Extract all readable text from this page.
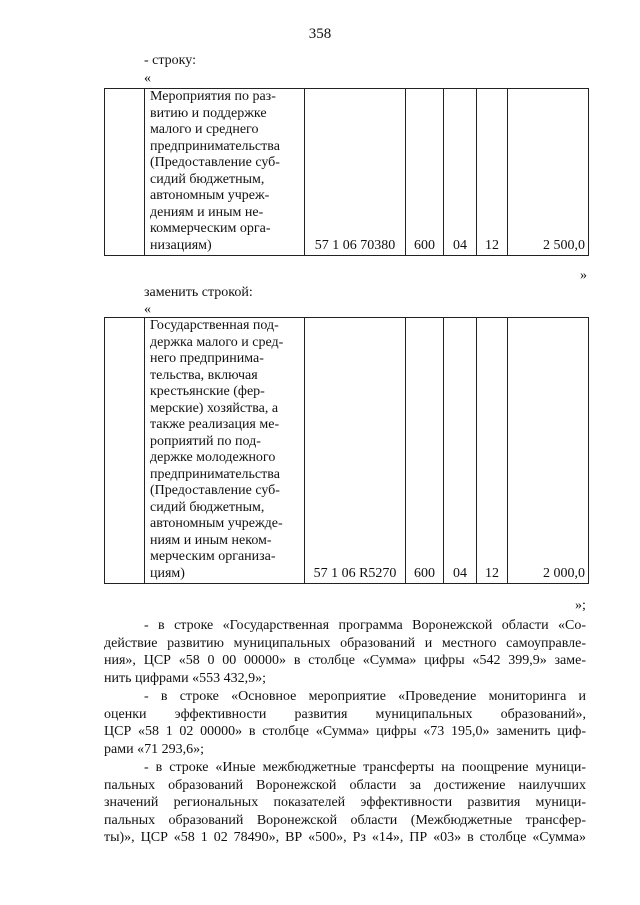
358
- строку:
«

Мероприятия по раз-
витию и поддержке
малого и среднего
предпринимательства
(Предоставление суб-
сидий бюджетным,
автономным учреж-
дениям и иным не-
коммерческим орга-
низациям)	57 1 06 70380	600	04	12	2 500,0
»
заменить строкой:
«

Государственная под-
держка малого и сред-
него предпринима-
тельства, включая
крестьянские (фер-
мерские) хозяйства, а
также реализация ме-
роприятий по под-
держке молодежного
предпринимательства
(Предоставление суб-
сидий бюджетным,
автономным учрежде-
ниям и иным неком-
мерческим организа-
циям)	57 1 06 R5270	600	04	12	2 000,0
»;
- в строке «Государственная программа Воронежской области «Со-
действие развитию муниципальных образований и местного самоуправле-
ния», ЦСР «58 0 00 00000» в столбце «Сумма» цифры «542 399,9» заме-
нить цифрами «553 432,9»;
- в строке «Основное мероприятие «Проведение мониторинга и
оценки эффективности развития муниципальных образований»,
ЦСР «58 1 02 00000» в столбце «Сумма» цифры «73 195,0» заменить циф-
рами «71 293,6»;
- в строке «Иные межбюджетные трансферты на поощрение муници-
пальных образований Воронежской области за достижение наилучших
значений региональных показателей эффективности развития муници-
пальных образований Воронежской области (Межбюджетные трансфер-
ты)», ЦСР «58 1 02 78490», ВР «500», Рз «14», ПР «03» в столбце «Сумма»
